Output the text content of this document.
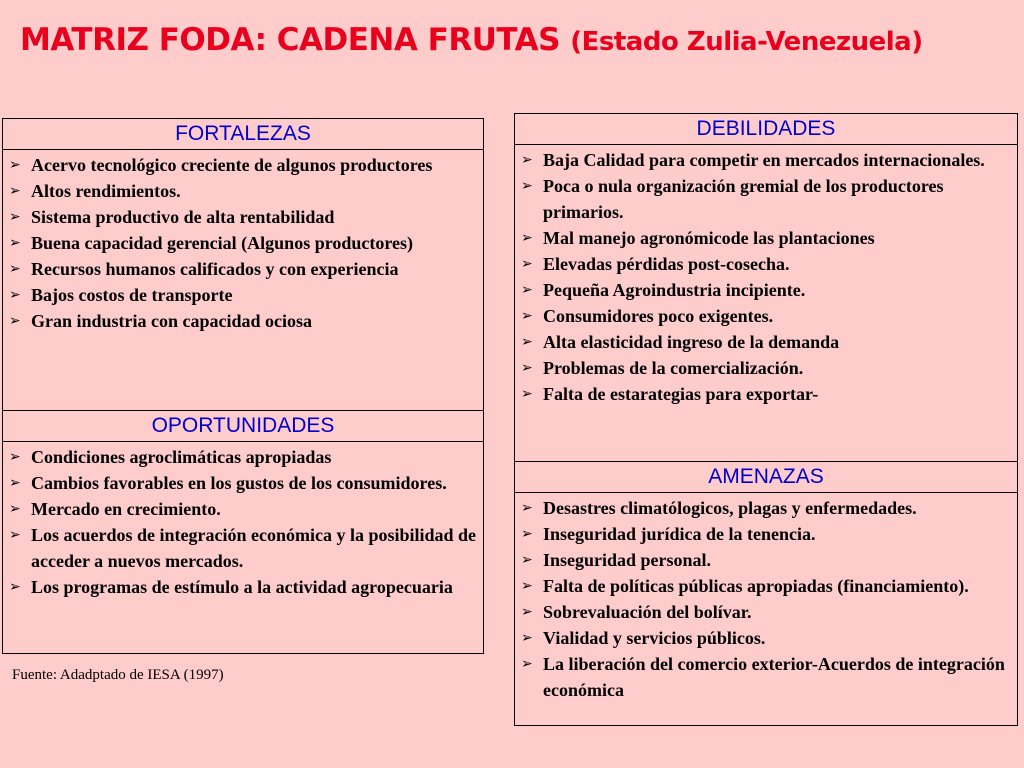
MATRIZ FODA: CADENA FRUTAS (Estado Zulia-Venezuela)
FORTALEZAS
➢ Acervo tecnológico creciente de algunos productores
➢ Altos rendimientos.
➢ Sistema productivo de alta rentabilidad
➢ Buena capacidad gerencial (Algunos productores)
➢ Recursos humanos calificados y con experiencia
➢ Bajos costos de transporte
➢ Gran industria con capacidad ociosa
OPORTUNIDADES
➢ Condiciones agroclimáticas apropiadas
➢ Cambios favorables en los gustos de los consumidores.
➢ Mercado en crecimiento.
➢ Los acuerdos de integración económica y la posibilidad de acceder a nuevos mercados.
➢ Los programas de estímulo a la actividad agropecuaria
DEBILIDADES
➢ Baja Calidad para competir en mercados internacionales.
➢ Poca o nula organización gremial de los productores primarios.
➢ Mal manejo agronómicode las plantaciones
➢ Elevadas pérdidas post-cosecha.
➢ Pequeña Agroindustria incipiente.
➢ Consumidores poco exigentes.
➢ Alta elasticidad ingreso de la demanda
➢ Problemas de la comercialización.
➢ Falta de estarategias para exportar-
AMENAZAS
➢ Desastres climatólogicos, plagas y enfermedades.
➢ Inseguridad jurídica de la tenencia.
➢ Inseguridad personal.
➢ Falta de políticas públicas apropiadas (financiamiento).
➢ Sobrevaluación del bolívar.
➢ Vialidad y servicios públicos.
➢ La liberación del comercio exterior-Acuerdos de integración económica
Fuente: Adadptado de IESA (1997)
